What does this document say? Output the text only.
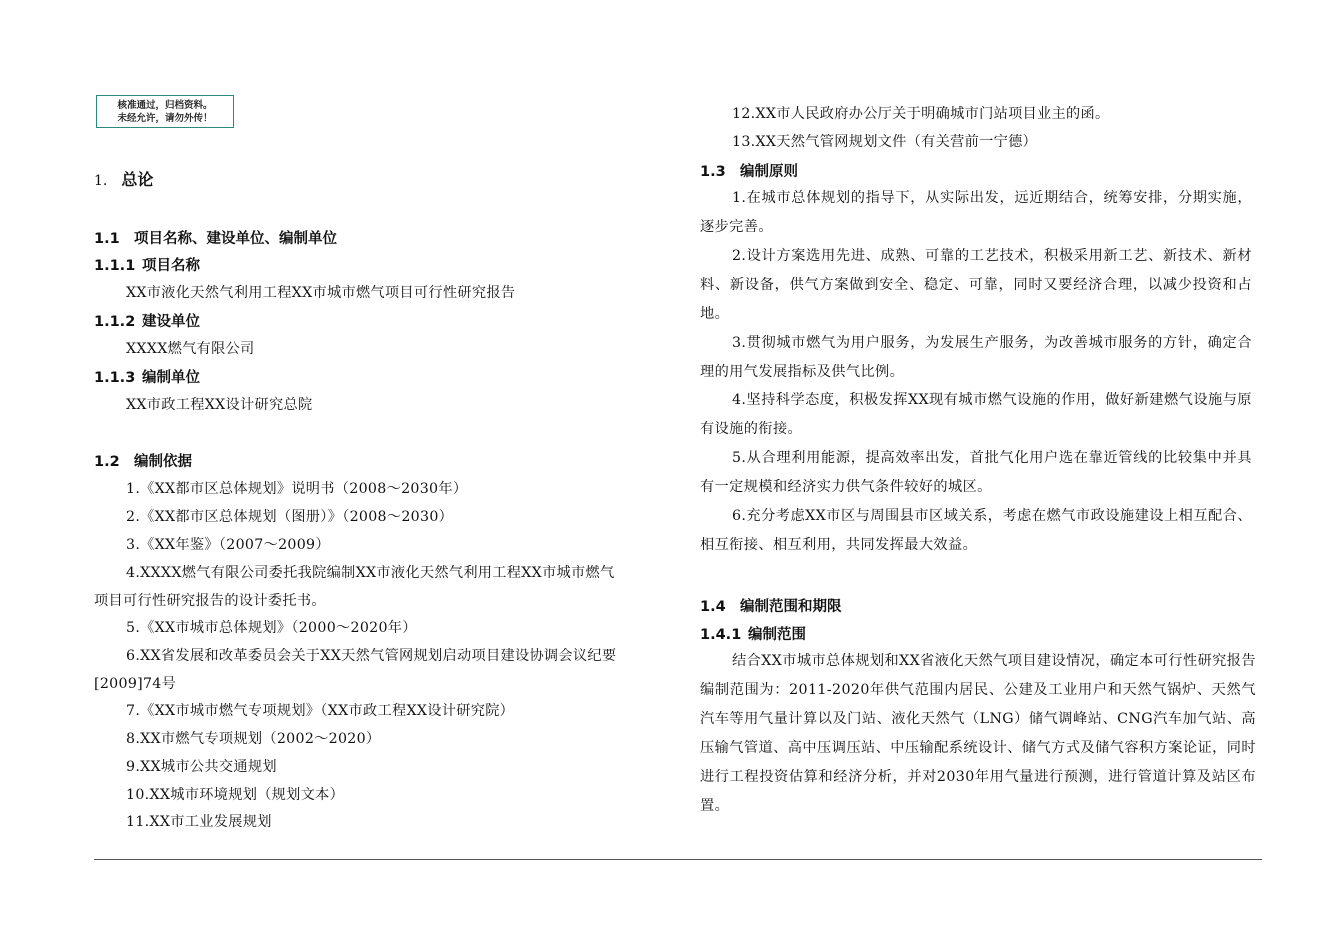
核准通过，归档资料。
未经允许，请勿外传！
1. 总论
1.1 项目名称、建设单位、编制单位
1.1.1 项目名称
XX市液化天然气利用工程XX市城市燃气项目可行性研究报告
1.1.2 建设单位
XXXX燃气有限公司
1.1.3 编制单位
XX市政工程XX设计研究总院
1.2 编制依据
1.《XX都市区总体规划》说明书（2008～2030年）
2.《XX都市区总体规划（图册）》（2008～2030）
3.《XX年鉴》（2007～2009）
4.XXXX燃气有限公司委托我院编制XX市液化天然气利用工程XX市城市燃气
项目可行性研究报告的设计委托书。
5.《XX市城市总体规划》（2000～2020年）
6.XX省发展和改革委员会关于XX天然气管网规划启动项目建设协调会议纪要
[2009]74号
7.《XX市城市燃气专项规划》（XX市政工程XX设计研究院）
8.XX市燃气专项规划（2002～2020）
9.XX城市公共交通规划
10.XX城市环境规划（规划文本）
11.XX市工业发展规划
12.XX市人民政府办公厅关于明确城市门站项目业主的函。
13.XX天然气管网规划文件（有关营前一宁德）
1.3 编制原则
1.在城市总体规划的指导下，从实际出发，远近期结合，统筹安排，分期实施，逐步完善。
2.设计方案选用先进、成熟、可靠的工艺技术，积极采用新工艺、新技术、新材料、新设备，供气方案做到安全、稳定、可靠，同时又要经济合理，以减少投资和占地。
3.贯彻城市燃气为用户服务，为发展生产服务，为改善城市服务的方针，确定合理的用气发展指标及供气比例。
4.坚持科学态度，积极发挥XX现有城市燃气设施的作用，做好新建燃气设施与原有设施的衔接。
5.从合理利用能源，提高效率出发，首批气化用户选在靠近管线的比较集中并具有一定规模和经济实力供气条件较好的城区。
6.充分考虑XX市区与周围县市区域关系，考虑在燃气市政设施建设上相互配合、相互衔接、相互利用，共同发挥最大效益。
1.4 编制范围和期限
1.4.1 编制范围
结合XX市城市总体规划和XX省液化天然气项目建设情况，确定本可行性研究报告编制范围为：2011-2020年供气范围内居民、公建及工业用户和天然气锅炉、天然气汽车等用气量计算以及门站、液化天然气（LNG）储气调峰站、CNG汽车加气站、高压输气管道、高中压调压站、中压输配系统设计、储气方式及储气容积方案论证，同时进行工程投资估算和经济分析，并对2030年用气量进行预测，进行管道计算及站区布置。
